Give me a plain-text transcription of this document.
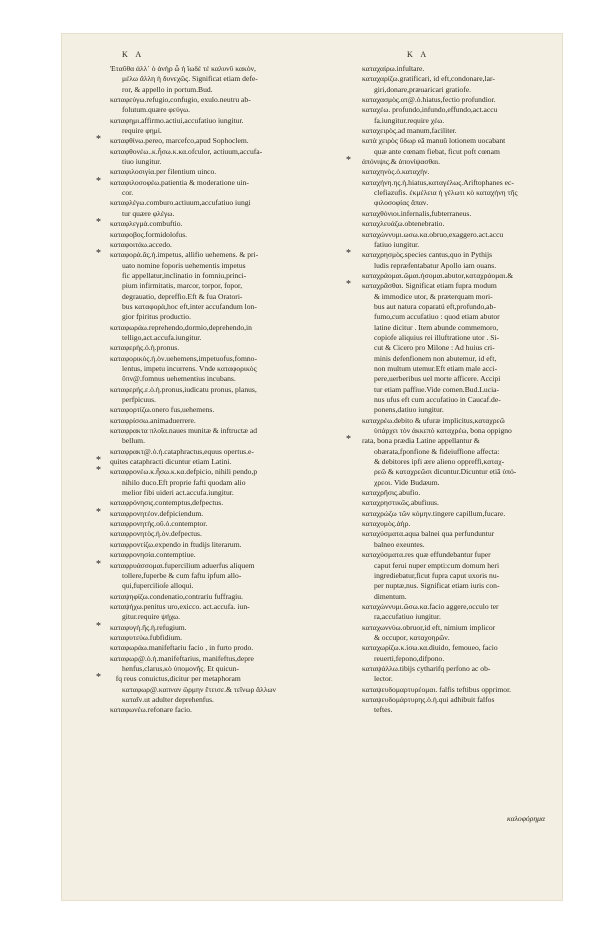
K A	K A
Ἐταῦθα ἀλλ᾽ ὁ ἀνὴρ ὧ ἡ ἴωδέ τέ καλυνὕ κακὸν,
μέλω ἄλλη ἡ δυνεχῶς. Significat etiam defe-
ror, & appello in portum.Bud.
καταφεύγω.refugio,confugio, exulo.neutru ab-
folutum.quære φεύγω.
καταφημι.affirmo.actiui,accufatiuo iungitur.
require φημί.
* καταφθίνω.pereo, marcefco,apud Sophoclem.
καταφθονέω..κ.ἦσω.κ.κα.ofculor, actiuum,accufa-
tiuo iungitur.
καταφιλοσιγία.per filentium uinco.
* καταφιλοσοφέω.patientia & moderatione uin-
cor.
καταφλέγω.comburo.actiuum,accufatiuo iungi
tur quære φλέγω.
* καταφλεγμὰ.combuftio.
καταφοβος.formidolofus.
καταφοιτάω.accedo.
* καταφορὰ.ᾶς.ἡ.impetus, allifio uehemens. & pri-
uato nomine foporis uehementis impetus
fic appellatur,inclinatio in fomniu,princi-
pium infirmitatis, marcor, torpor, fopor,
degrauatio, depreffio.Eft & fua Oratori-
bus καταφορὰ,hoc eft,inter accufandum lon-
gior fpiritus productio.
καταφωράω.reprehendo,dormio,deprehendo,in
telligo,act.accufa.iungitur.
καταφερὴς.ό.ἡ.pronus.
καταφορικὸς.ὴ.ὸν.uehemens,impetuofus,fomno-
lentus, impetu incurrens. Vnde καταφορικὸς
ὕπν@.fomnus uehementius incubans.
καταφερής.ε.ὁ.ἡ.pronus,iudicatu pronus, planus,
perfpicuus.
καταφορτίζω.onero fus,uehemens.
καταφρίσσω.animaduerrere.
καταφρακτα πλοῖα.naues munitæ & inftructæ ad
bellum.
καταφρακτ@.ὁ.ἡ.cataphractus,equus opertus.e-
* quites cataphracti dicuntur etiam Latini.
* καταφρονέω.κ.ἦσω.κ.κα.defpicio, nihili pendo,p
nihilo duco.Eft proprie fafti quodam alio
melior fibi uideri act.accufa.iungitur.
καταφρόνησις.contemptus,defpectus.
* καταφρονητέον.defpiciendum.
καταφρονητὴς.οῦ.ὁ.contemptor.
καταφρονητὸς.ή.ὸν.defpectus.
καταφροντίζω.expendo in ftudijs literarum.
καταφρονησία.contemptiue.
* καταφρυάσσομαι.fupercilium aduerfus aliquem
tollere,fuperbe & cum faftu ipfum allo-
qui,fupercilioſe alloqui.
καταψηφίζω.condenatio,contrariu fuffragiu.
καταψήχω.penitus uro,exicco. act.accufa. iun-
gitur.require ψήχω.
* καταφυγὴ.ῆς.ἡ.refugium.
καταφυτεύω.fubfidium.
καταφωράω.manifeftariu facio , in furto prodo.
καταφωρ@.ὁ.ἡ.manifeftarius, manifeftus,depre
henfus,clarus,κὸ ὑπομονῆς. Et quicun-
* fq reus conuictus,dicitur per metaphoram
καταφωρ@.καπναν ὥρμην ἔτεισε.& τεῖνωρ ἄλλων
καταῖν.ut adulter deprehenfus.
καταφωνέω.refonare facio.
καταχαίρω.infultare.
καταχαρίζω.gratificari, id eft,condonare,lar-
giri,donare,præuaricari gratiofe.
καταχασμὸς.ατ@.ὁ.hiatus,fectio profundior.
καταχέω. profundo,infundo,effundo,act.accu
fa.iungitur.require χέω.
καταχειρὸς.ad manum,faciliter.
κατὰ χειρὸς ὕδωρ eā manuū lotionem uocabant
quæ ante cœnam fiebat, ficut poft cœnam
* ἀπόνιψις.& ἀπονίψασθαι.
καταχηνὸς.ὁ.καταχὴν.
καταχήνη.ης.ἡ.hiatus,καταγέλως.Ariftophanes ec-
clefiazufis. ἐκμέλεια ἡ γέλωτι κὸ καταχήνη τῆς
φιλοσοφίας ἅπαν.
καταχθόνιοι.infernalis,fubterraneus.
καταχλευάζω.obtenebratio.
καταχώννυμι.ωσω.κα.obruo,exaggero.act.accu
fatiuo iungitur.
* καταχρησμὸς.species cantus,quo in Pythijs
ludis repræfentabatur Apollo iam ouans.
καταχράομαι.ῶμαι.ήσομαι.abutor,καταχράομαι.&
* καταχρᾶσθαι. Significat etiam fupra modum
& immodice utor, & præterquam mori-
bus aut natura coparatú eft,profundo,ab-
fumo,cum accufatiuo : quod etiam abutor
latine dicitur . Item abunde commemoro,
copiofe aliquius rei illuftratione utor . Si-
cut & Cicero pro Milone : Ad huius cri-
minis defenfionem non abutemur, id eft,
non multum utemur.Eft etiam male acci-
pere,uerberibus uel morte afficere. Accipi
tur etiam paffiue.Vide comen.Bud.Lucia-
nus ufus eft cum accufatiuo in Caucaf.de-
ponens,datiuo iungitur.
καταχρέω.debito & ufuræ implicitus,καταχρεῶ
ὑπάρχει τὸν ἀκκεπὸ καταχρέω, bona oppigno
* rata, bona prædia Latine appellantur &
obærata,fponfione & fideiuffione affecta:
& debitores ipfi ære alieno oppreffi,καταχ-
ρεῶ & καταχρεῶσι dicuntur.Dicuntur etiā ὑπό-
χρεοι. Vide Budæum.
καταχρῆσις.abufio.
καταχρηστικῶς.abufiuus.
καταχρώζω τῶν κόμην.tingere capillum,fucare.
καταχυμὸς.ἀὴρ.
καταχύσματα.aqua balnei qua perfunduntur
balneo exeuntes.
καταχύσματα.res quæ effundebantur fuper
caput ferui nuper empti:cum domum heri
ingrediebatur,ficut fupra caput uxoris nu-
per nuptæ,nus. Significat etiam iuris con-
dimentum.
καταχώννυμι.ῶσω.κα.facio aggere,occulo ter
ra,accufatiuo iungitur.
καταχωννύω.obruor,id eft, nimium implicor
& occupor, καταχοηρῶν.
καταχωρίζω.κ.ὶσω.κα.diuido, femoueo, facio
reuerti,fepono,difpono.
καταψάλλω.tibijs cytharifq perfono ac ob-
lector.
καταψευδομαρτυρέομαι. falfis teftibus opprimor.
καταψευδομάρτυρης.ὁ.ἡ.qui adhibuit falfos
teftes.
καλοφόρημα
